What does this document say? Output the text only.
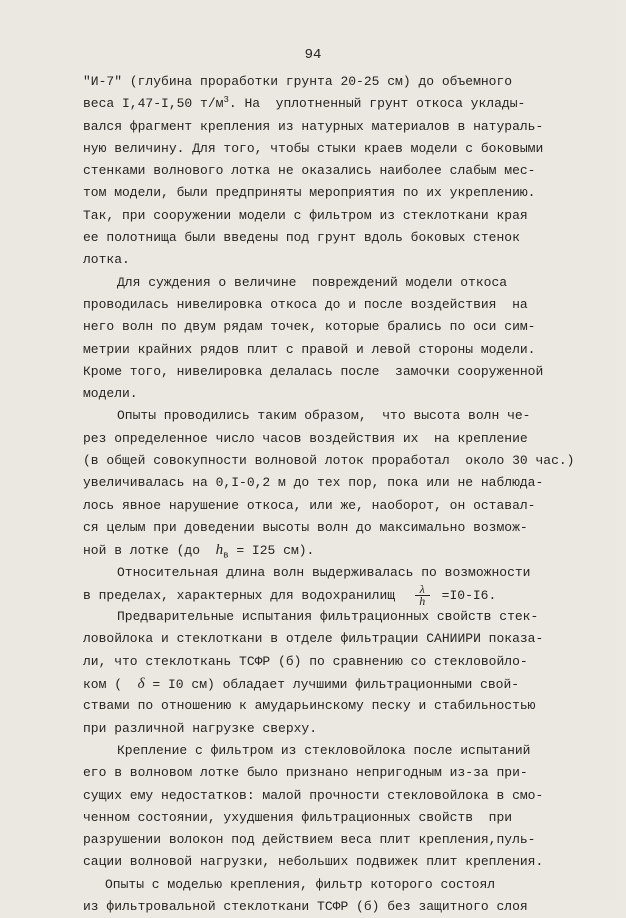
94
"И-7" (глубина проработки грунта 20-25 см) до объемного
веса I,47-I,50 $т/м^3$. На  уплотненный грунт откоса уклады-
вался фрагмент крепления из натурных материалов в натураль-
ную величину. Для того, чтобы стыки краев модели с боковыми
стенками волнового лотка не оказались наиболее слабым мес-
том модели, были предприняты мероприятия по их укреплению.
Так, при сооружении модели с фильтром из стеклоткани края
ее полотнища были введены под грунт вдоль боковых стенок
лотка.
Для суждения о величине  повреждений модели откоса
проводилась нивелировка откоса до и после воздействия  на
него волн по двум рядам точек, которые брались по оси сим-
метрии крайних рядов плит с правой и левой стороны модели.
Кроме того, нивелировка делалась после  замочки сооруженной
модели.
Опыты проводились таким образом,  что высота волн че-
рез определенное число часов воздействия их  на крепление
(в общей совокупности волновой лоток проработал  около 30 час.)
увеличивалась на 0,I-0,2 м до тех пор, пока или не наблюда-
лось явное нарушение откоса, или же, наоборот, он оставал-
ся целым при доведении высоты волн до максимально возмож-
ной в лотке (до  $h_в = I25$ см).
Относительная длина волн выдерживалась по возможности
в пределах, характерных для водохранилищ $\frac{\lambda}{h} =I0-I6$.
Предварительные испытания фильтрационных свойств стек-
ловойлока и стеклоткани в отделе фильтрации САНИИРИ показа-
ли, что стеклоткань ТСФР (б) по сравнению со стекловойло-
ком (  δ = I0 см) обладает лучшими фильтрационными свой-
ствами по отношению к амударьинскому песку и стабильностью
при различной нагрузке сверху.
Крепление с фильтром из стекловойлока после испытаний
его в волновом лотке было признано непригодным из-за при-
сущих ему недостатков: малой прочности стекловойлока в смо-
ченном состоянии, ухудшения фильтрационных свойств  при
разрушении волокон под действием веса плит крепления,пуль-
сации волновой нагрузки, небольших подвижек плит крепления.
Опыты с моделью крепления, фильтр которого состоял
из фильтровальной стеклоткани ТСФР (б) без защитного слоя
